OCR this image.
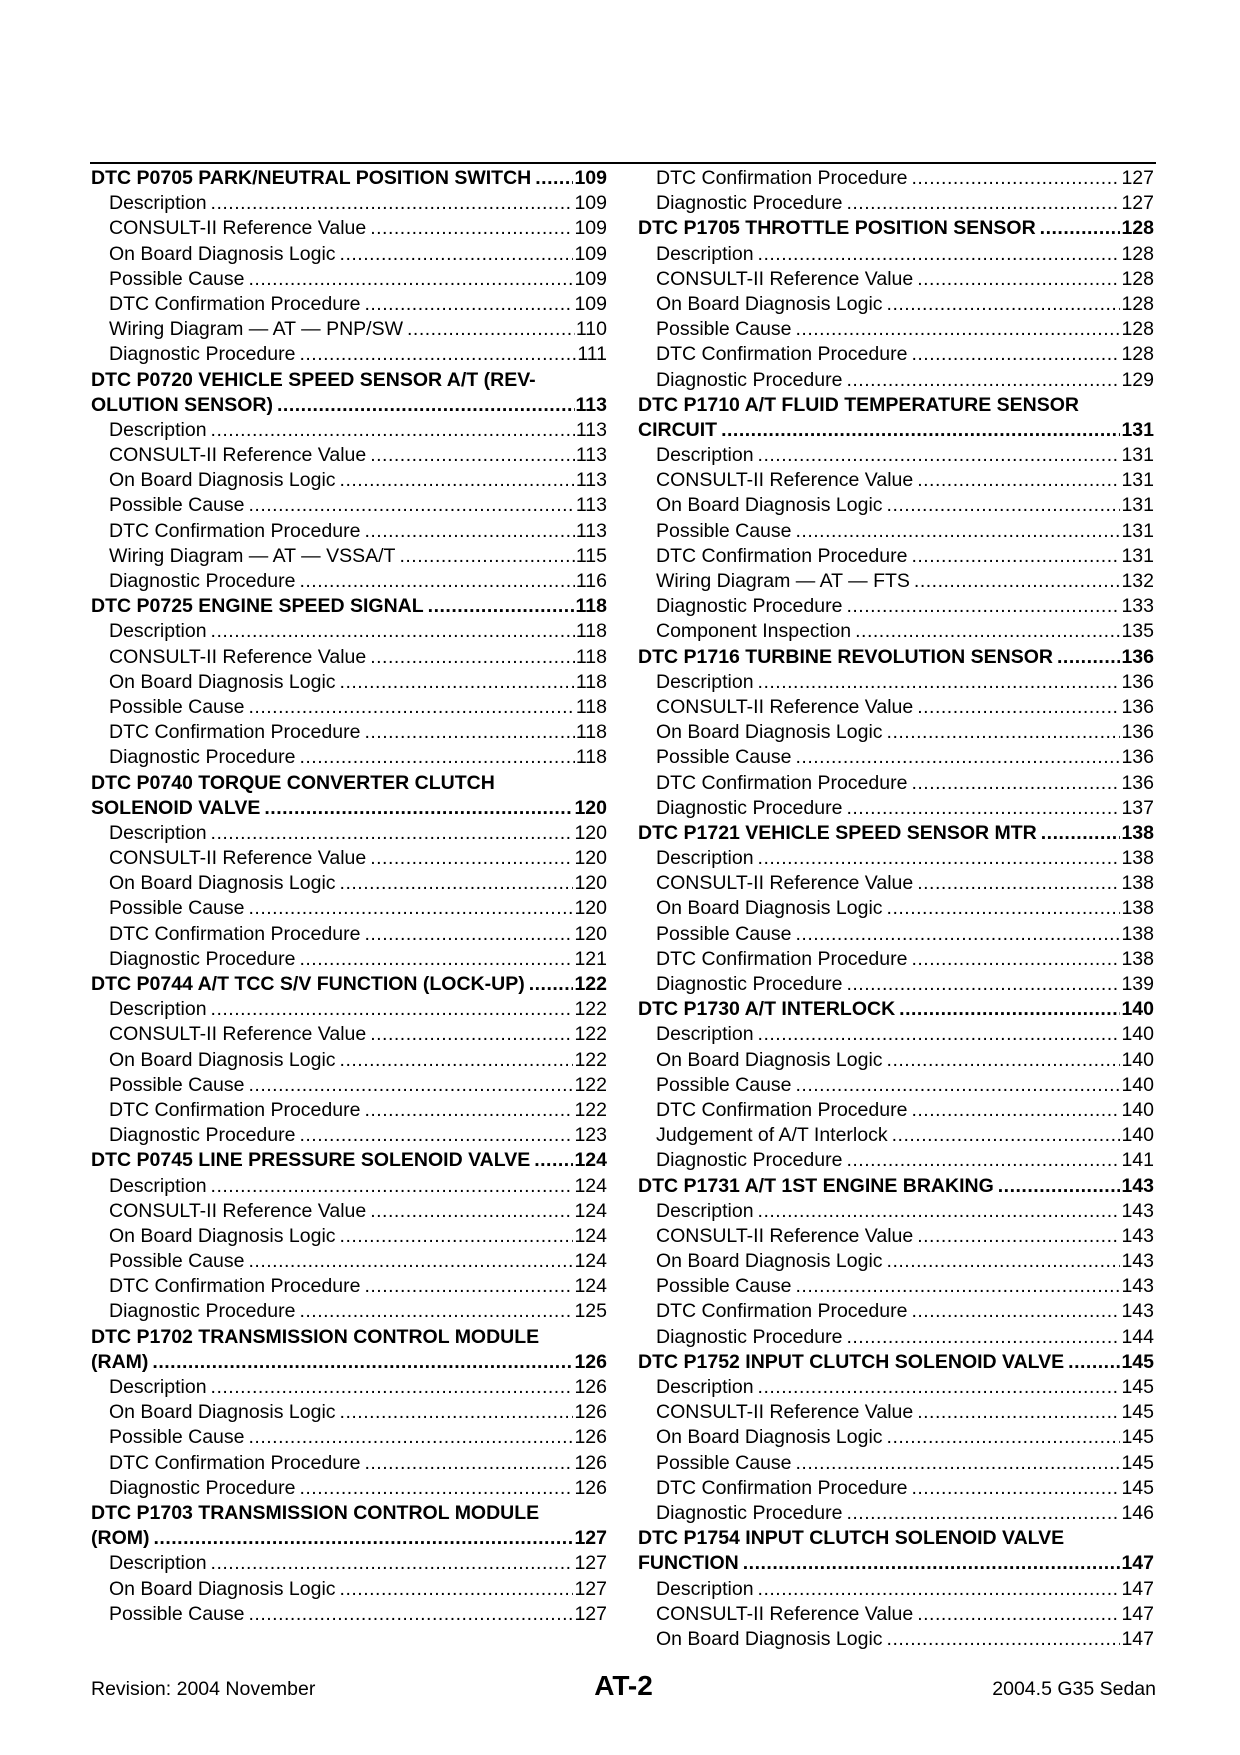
DTC P0705 PARK/NEUTRAL POSITION SWITCH ..... 109
Description .....	109
CONSULT-II Reference Value .....	109
On Board Diagnosis Logic .....	109
Possible Cause .....	109
DTC Confirmation Procedure .....	109
Wiring Diagram — AT — PNP/SW .....	110
Diagnostic Procedure .....	111
DTC P0720 VEHICLE SPEED SENSOR A/T (REV-
OLUTION SENSOR) .....	113
Description .....	113
CONSULT-II Reference Value .....	113
On Board Diagnosis Logic .....	113
Possible Cause .....	113
DTC Confirmation Procedure .....	113
Wiring Diagram — AT — VSSA/T .....	115
Diagnostic Procedure .....	116
DTC P0725 ENGINE SPEED SIGNAL .....	118
Description .....	118
CONSULT-II Reference Value .....	118
On Board Diagnosis Logic .....	118
Possible Cause .....	118
DTC Confirmation Procedure .....	118
Diagnostic Procedure .....	118
DTC P0740 TORQUE CONVERTER CLUTCH
SOLENOID VALVE .....	120
Description .....	120
CONSULT-II Reference Value .....	120
On Board Diagnosis Logic .....	120
Possible Cause .....	120
DTC Confirmation Procedure .....	120
Diagnostic Procedure .....	121
DTC P0744 A/T TCC S/V FUNCTION (LOCK-UP) .....	122
Description .....	122
CONSULT-II Reference Value .....	122
On Board Diagnosis Logic .....	122
Possible Cause .....	122
DTC Confirmation Procedure .....	122
Diagnostic Procedure .....	123
DTC P0745 LINE PRESSURE SOLENOID VALVE ..... 124
Description .....	124
CONSULT-II Reference Value .....	124
On Board Diagnosis Logic .....	124
Possible Cause .....	124
DTC Confirmation Procedure .....	124
Diagnostic Procedure .....	125
DTC P1702 TRANSMISSION CONTROL MODULE
(RAM) .....	126
Description .....	126
On Board Diagnosis Logic .....	126
Possible Cause .....	126
DTC Confirmation Procedure .....	126
Diagnostic Procedure .....	126
DTC P1703 TRANSMISSION CONTROL MODULE
(ROM) .....	127
Description .....	127
On Board Diagnosis Logic .....	127
Possible Cause .....	127
DTC Confirmation Procedure .....	127
Diagnostic Procedure .....	127
DTC P1705 THROTTLE POSITION SENSOR .....	128
Description .....	128
CONSULT-II Reference Value .....	128
On Board Diagnosis Logic .....	128
Possible Cause .....	128
DTC Confirmation Procedure .....	128
Diagnostic Procedure .....	129
DTC P1710 A/T FLUID TEMPERATURE SENSOR
CIRCUIT .....	131
Description .....	131
CONSULT-II Reference Value .....	131
On Board Diagnosis Logic .....	131
Possible Cause .....	131
DTC Confirmation Procedure .....	131
Wiring Diagram — AT — FTS .....	132
Diagnostic Procedure .....	133
Component Inspection .....	135
DTC P1716 TURBINE REVOLUTION SENSOR .....	136
Description .....	136
CONSULT-II Reference Value .....	136
On Board Diagnosis Logic .....	136
Possible Cause .....	136
DTC Confirmation Procedure .....	136
Diagnostic Procedure .....	137
DTC P1721 VEHICLE SPEED SENSOR MTR .....	138
Description .....	138
CONSULT-II Reference Value .....	138
On Board Diagnosis Logic .....	138
Possible Cause .....	138
DTC Confirmation Procedure .....	138
Diagnostic Procedure .....	139
DTC P1730 A/T INTERLOCK .....	140
Description .....	140
On Board Diagnosis Logic .....	140
Possible Cause .....	140
DTC Confirmation Procedure .....	140
Judgement of A/T Interlock .....	140
Diagnostic Procedure .....	141
DTC P1731 A/T 1ST ENGINE BRAKING .....	143
Description .....	143
CONSULT-II Reference Value .....	143
On Board Diagnosis Logic .....	143
Possible Cause .....	143
DTC Confirmation Procedure .....	143
Diagnostic Procedure .....	144
DTC P1752 INPUT CLUTCH SOLENOID VALVE .....	145
Description .....	145
CONSULT-II Reference Value .....	145
On Board Diagnosis Logic .....	145
Possible Cause .....	145
DTC Confirmation Procedure .....	145
Diagnostic Procedure .....	146
DTC P1754 INPUT CLUTCH SOLENOID VALVE
FUNCTION .....	147
Description .....	147
CONSULT-II Reference Value .....	147
On Board Diagnosis Logic .....	147
Revision: 2004 November	AT-2	2004.5 G35 Sedan
